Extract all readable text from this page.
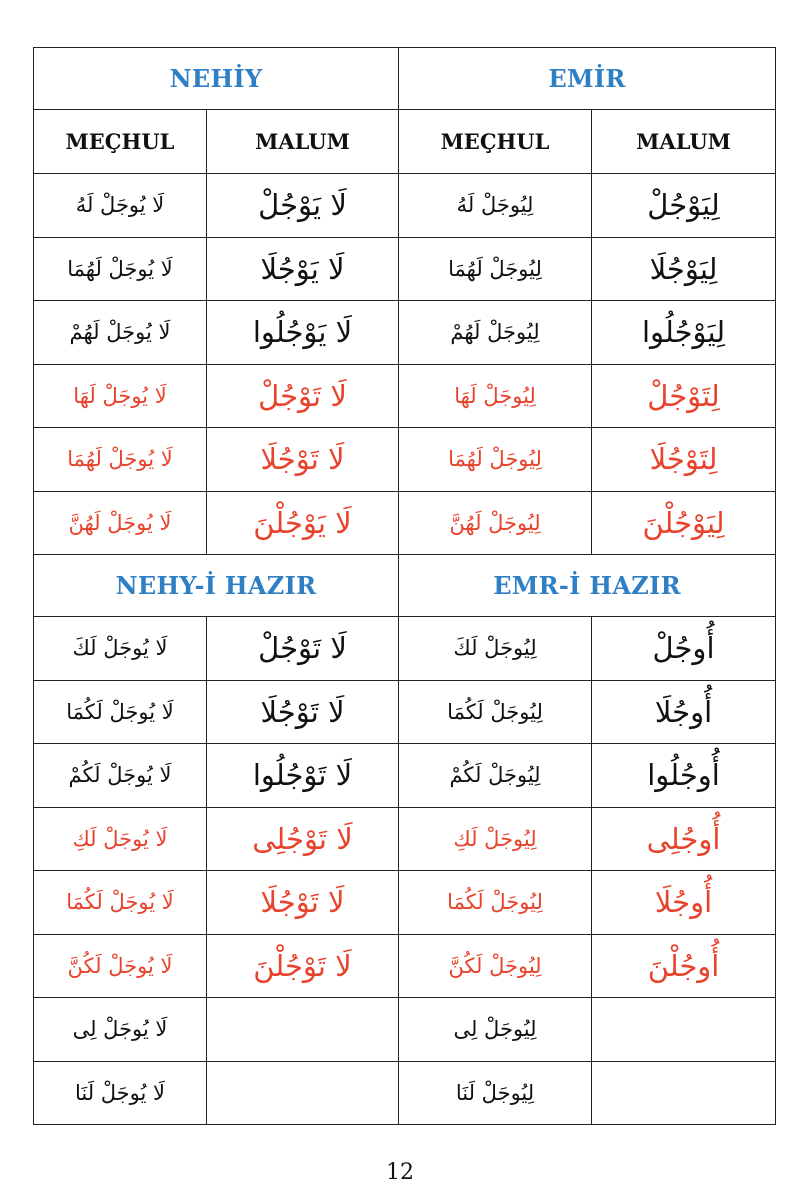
NEHİY		EMİR	
MEÇHUL	MALUM	MEÇHUL	MALUM
لَا يُوجَلْ لَهُ	لَا يَوْجُلْ	لِيُوجَلْ لَهُ	لِيَوْجُلْ
لَا يُوجَلْ لَهُمَا	لَا يَوْجُلَا	لِيُوجَلْ لَهُمَا	لِيَوْجُلَا
لَا يُوجَلْ لَهُمْ	لَا يَوْجُلُوا	لِيُوجَلْ لَهُمْ	لِيَوْجُلُوا
لَا يُوجَلْ لَهَا	لَا تَوْجُلْ	لِيُوجَلْ لَهَا	لِتَوْجُلْ
لَا يُوجَلْ لَهُمَا	لَا تَوْجُلَا	لِيُوجَلْ لَهُمَا	لِتَوْجُلَا
لَا يُوجَلْ لَهُنَّ	لَا يَوْجُلْنَ	لِيُوجَلْ لَهُنَّ	لِيَوْجُلْنَ
NEHY-İ HAZIR		EMR-İ HAZIR	
لَا يُوجَلْ لَكَ	لَا تَوْجُلْ	لِيُوجَلْ لَكَ	أُوجُلْ
لَا يُوجَلْ لَكُمَا	لَا تَوْجُلَا	لِيُوجَلْ لَكُمَا	أُوجُلَا
لَا يُوجَلْ لَكُمْ	لَا تَوْجُلُوا	لِيُوجَلْ لَكُمْ	أُوجُلُوا
لَا يُوجَلْ لَكِ	لَا تَوْجُلِى	لِيُوجَلْ لَكِ	أُوجُلِى
لَا يُوجَلْ لَكُمَا	لَا تَوْجُلَا	لِيُوجَلْ لَكُمَا	أُوجُلَا
لَا يُوجَلْ لَكُنَّ	لَا تَوْجُلْنَ	لِيُوجَلْ لَكُنَّ	أُوجُلْنَ
لَا يُوجَلْ لِى		لِيُوجَلْ لِى	
لَا يُوجَلْ لَنَا		لِيُوجَلْ لَنَا	
12
